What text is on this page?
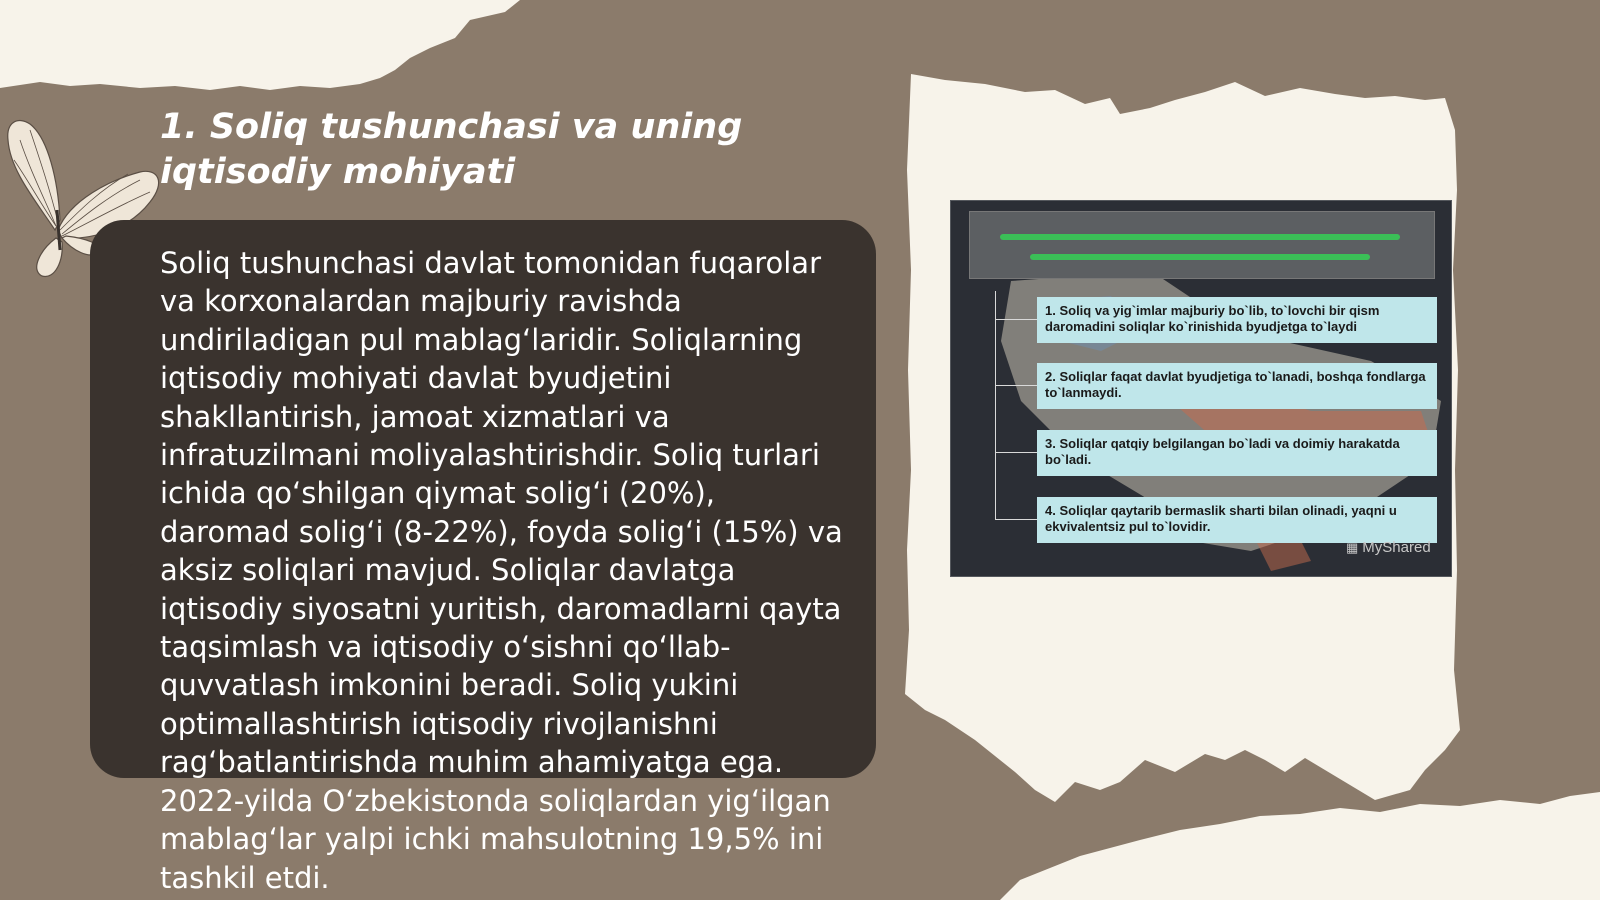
1. Soliq tushunchasi va uning iqtisodiy mohiyati
Soliq tushunchasi davlat tomonidan fuqarolar va korxonalardan majburiy ravishda undiriladigan pul mablag‘laridir. Soliqlarning iqtisodiy mohiyati davlat byudjetini shakllantirish, jamoat xizmatlari va infratuzilmani moliyalashtirishdir. Soliq turlari ichida qo‘shilgan qiymat solig‘i (20%), daromad solig‘i (8-22%), foyda solig‘i (15%) va aksiz soliqlari mavjud. Soliqlar davlatga iqtisodiy siyosatni yuritish, daromadlarni qayta taqsimlash va iqtisodiy o‘sishni qo‘llab-quvvatlash imkonini beradi. Soliq yukini optimallashtirish iqtisodiy rivojlanishni rag‘batlantirishda muhim ahamiyatga ega. 2022-yilda O‘zbekistonda soliqlardan yig‘ilgan mablag‘lar yalpi ichki mahsulotning 19,5% ini tashkil etdi.
1. Soliq va yig`imlar majburiy bo`lib, to`lovchi bir qism daromadini soliqlar ko`rinishida byudjetga to`laydi
2. Soliqlar faqat davlat byudjetiga to`lanadi, boshqa fondlarga to`lanmaydi.
3. Soliqlar qatqiy belgilangan bo`ladi va doimiy harakatda bo`ladi.
4. Soliqlar qaytarib bermaslik sharti bilan olinadi, yaqni u ekvivalentsiz pul to`lovidir.
▦ MyShared
